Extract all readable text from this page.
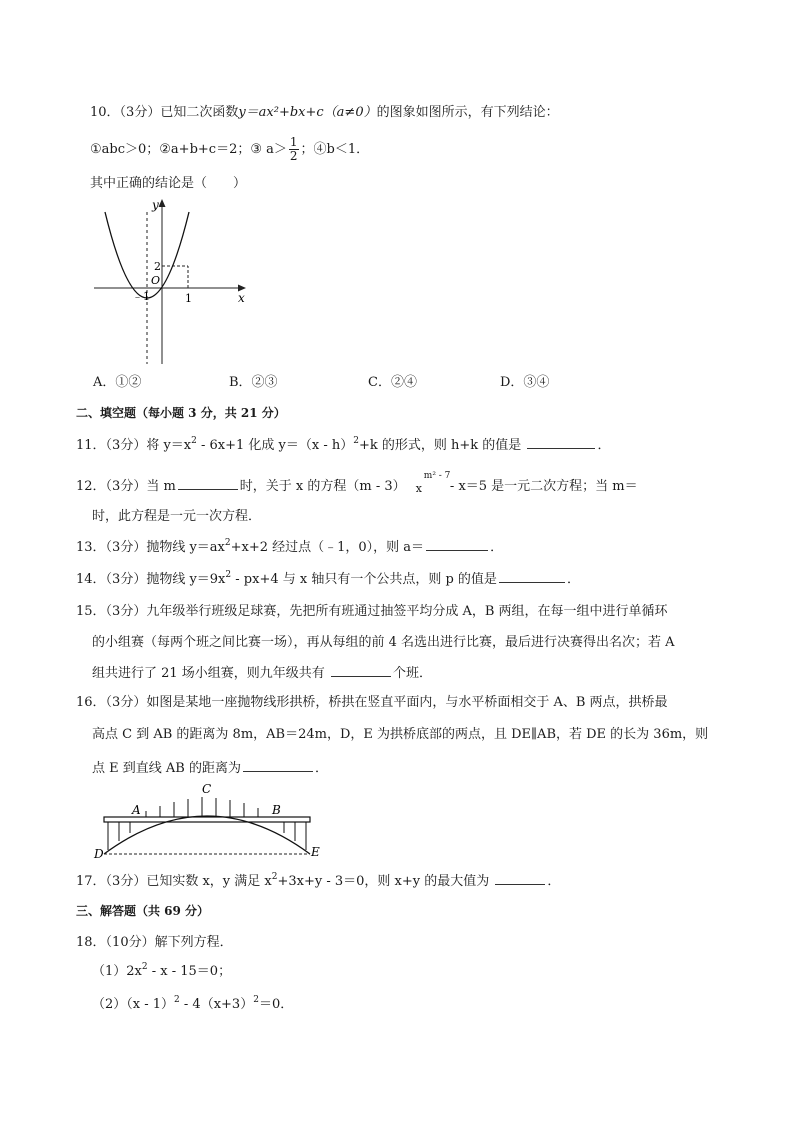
10．（3分）已知二次函数y＝ax²+bx+c（a≠0）的图象如图所示，有下列结论：
①abc＞0；②a+b+c＝2；③ $a> \frac{1}{2}$ ；④b＜1．
其中正确的结论是（　　）
y
x
O
﹣1	1
2
A．①②	B．②③	C．②④	D．③④
二、填空题（每小题 3 分，共 21 分）
11．（3分）将 $y=x^2 - 6x+1$ 化成 y＝（x - h）$^2$+k 的形式，则 h+k 的值是	．
12．（3分）当 m	时，关于 x 的方程（m - 3） x
m² - 7
- x＝5 是一元二次方程；当 m＝
时，此方程是一元一次方程．
13．（3分）抛物线 $y=ax^2+x+2$ 经过点（﹣1，0），则 a＝	．
14．（3分）抛物线 $y=9x^2 - px+4$ 与 x 轴只有一个公共点，则 p 的值是	．
15．（3分）九年级举行班级足球赛，先把所有班通过抽签平均分成 A，B 两组，在每一组中进行单循环
的小组赛（每两个班之间比赛一场），再从每组的前 4 名选出进行比赛，最后进行决赛得出名次；若 A
组共进行了 21 场小组赛，则九年级共有	个班．
16．（3分）如图是某地一座抛物线形拱桥，桥拱在竖直平面内，与水平桥面相交于 A、B 两点，拱桥最
高点 C 到 AB 的距离为 8m，AB＝24m，D，E 为拱桥底部的两点，且 DE∥AB，若 DE 的长为 36m，则
点 E 到直线 AB 的距离为	．
A	B
C
D	E
17．（3分）已知实数 x，y 满足 $x^2+3x+y - 3=0$，则 x+y 的最大值为	．
三、解答题（共 69 分）
18．（10分）解下列方程．
$(1)2x^2 - x - 15=0$；
$(2)(x - 1)^2 - 4(x+3)^2=0$．
